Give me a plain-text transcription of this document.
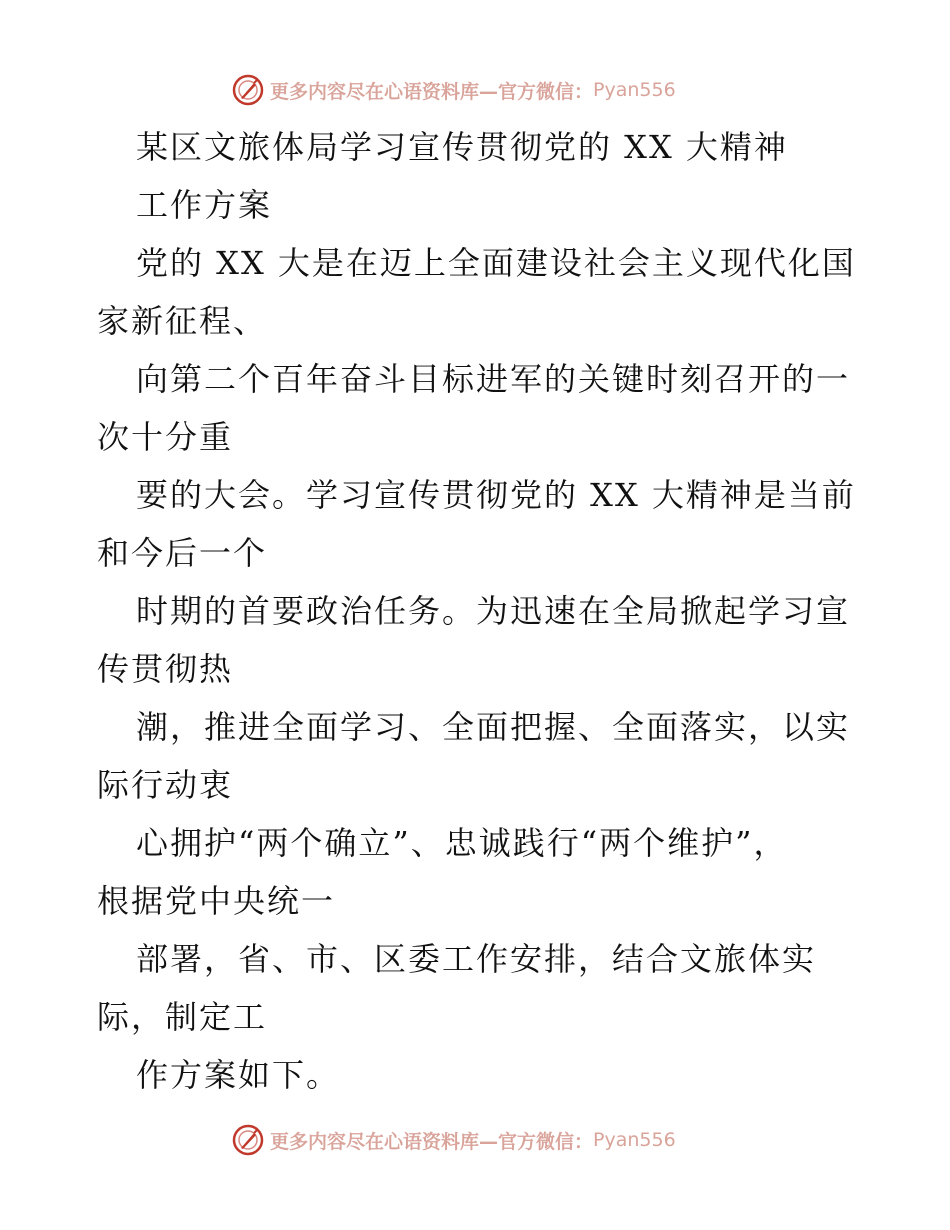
更多内容尽在心语资料库—官方微信： Pyan556
某区文旅体局学习宣传贯彻党的 XX 大精神
工作方案
党的 XX 大是在迈上全面建设社会主义现代化国
家新征程、
向第二个百年奋斗目标进军的关键时刻召开的一
次十分重
要的大会。学习宣传贯彻党的 XX 大精神是当前
和今后一个
时期的首要政治任务。为迅速在全局掀起学习宣
传贯彻热
潮，推进全面学习、全面把握、全面落实，以实
际行动衷
心拥护“两个确立”、忠诚践行“两个维护”，
根据党中央统一
部署，省、市、区委工作安排，结合文旅体实
际，制定工
作方案如下。
更多内容尽在心语资料库—官方微信： Pyan556
